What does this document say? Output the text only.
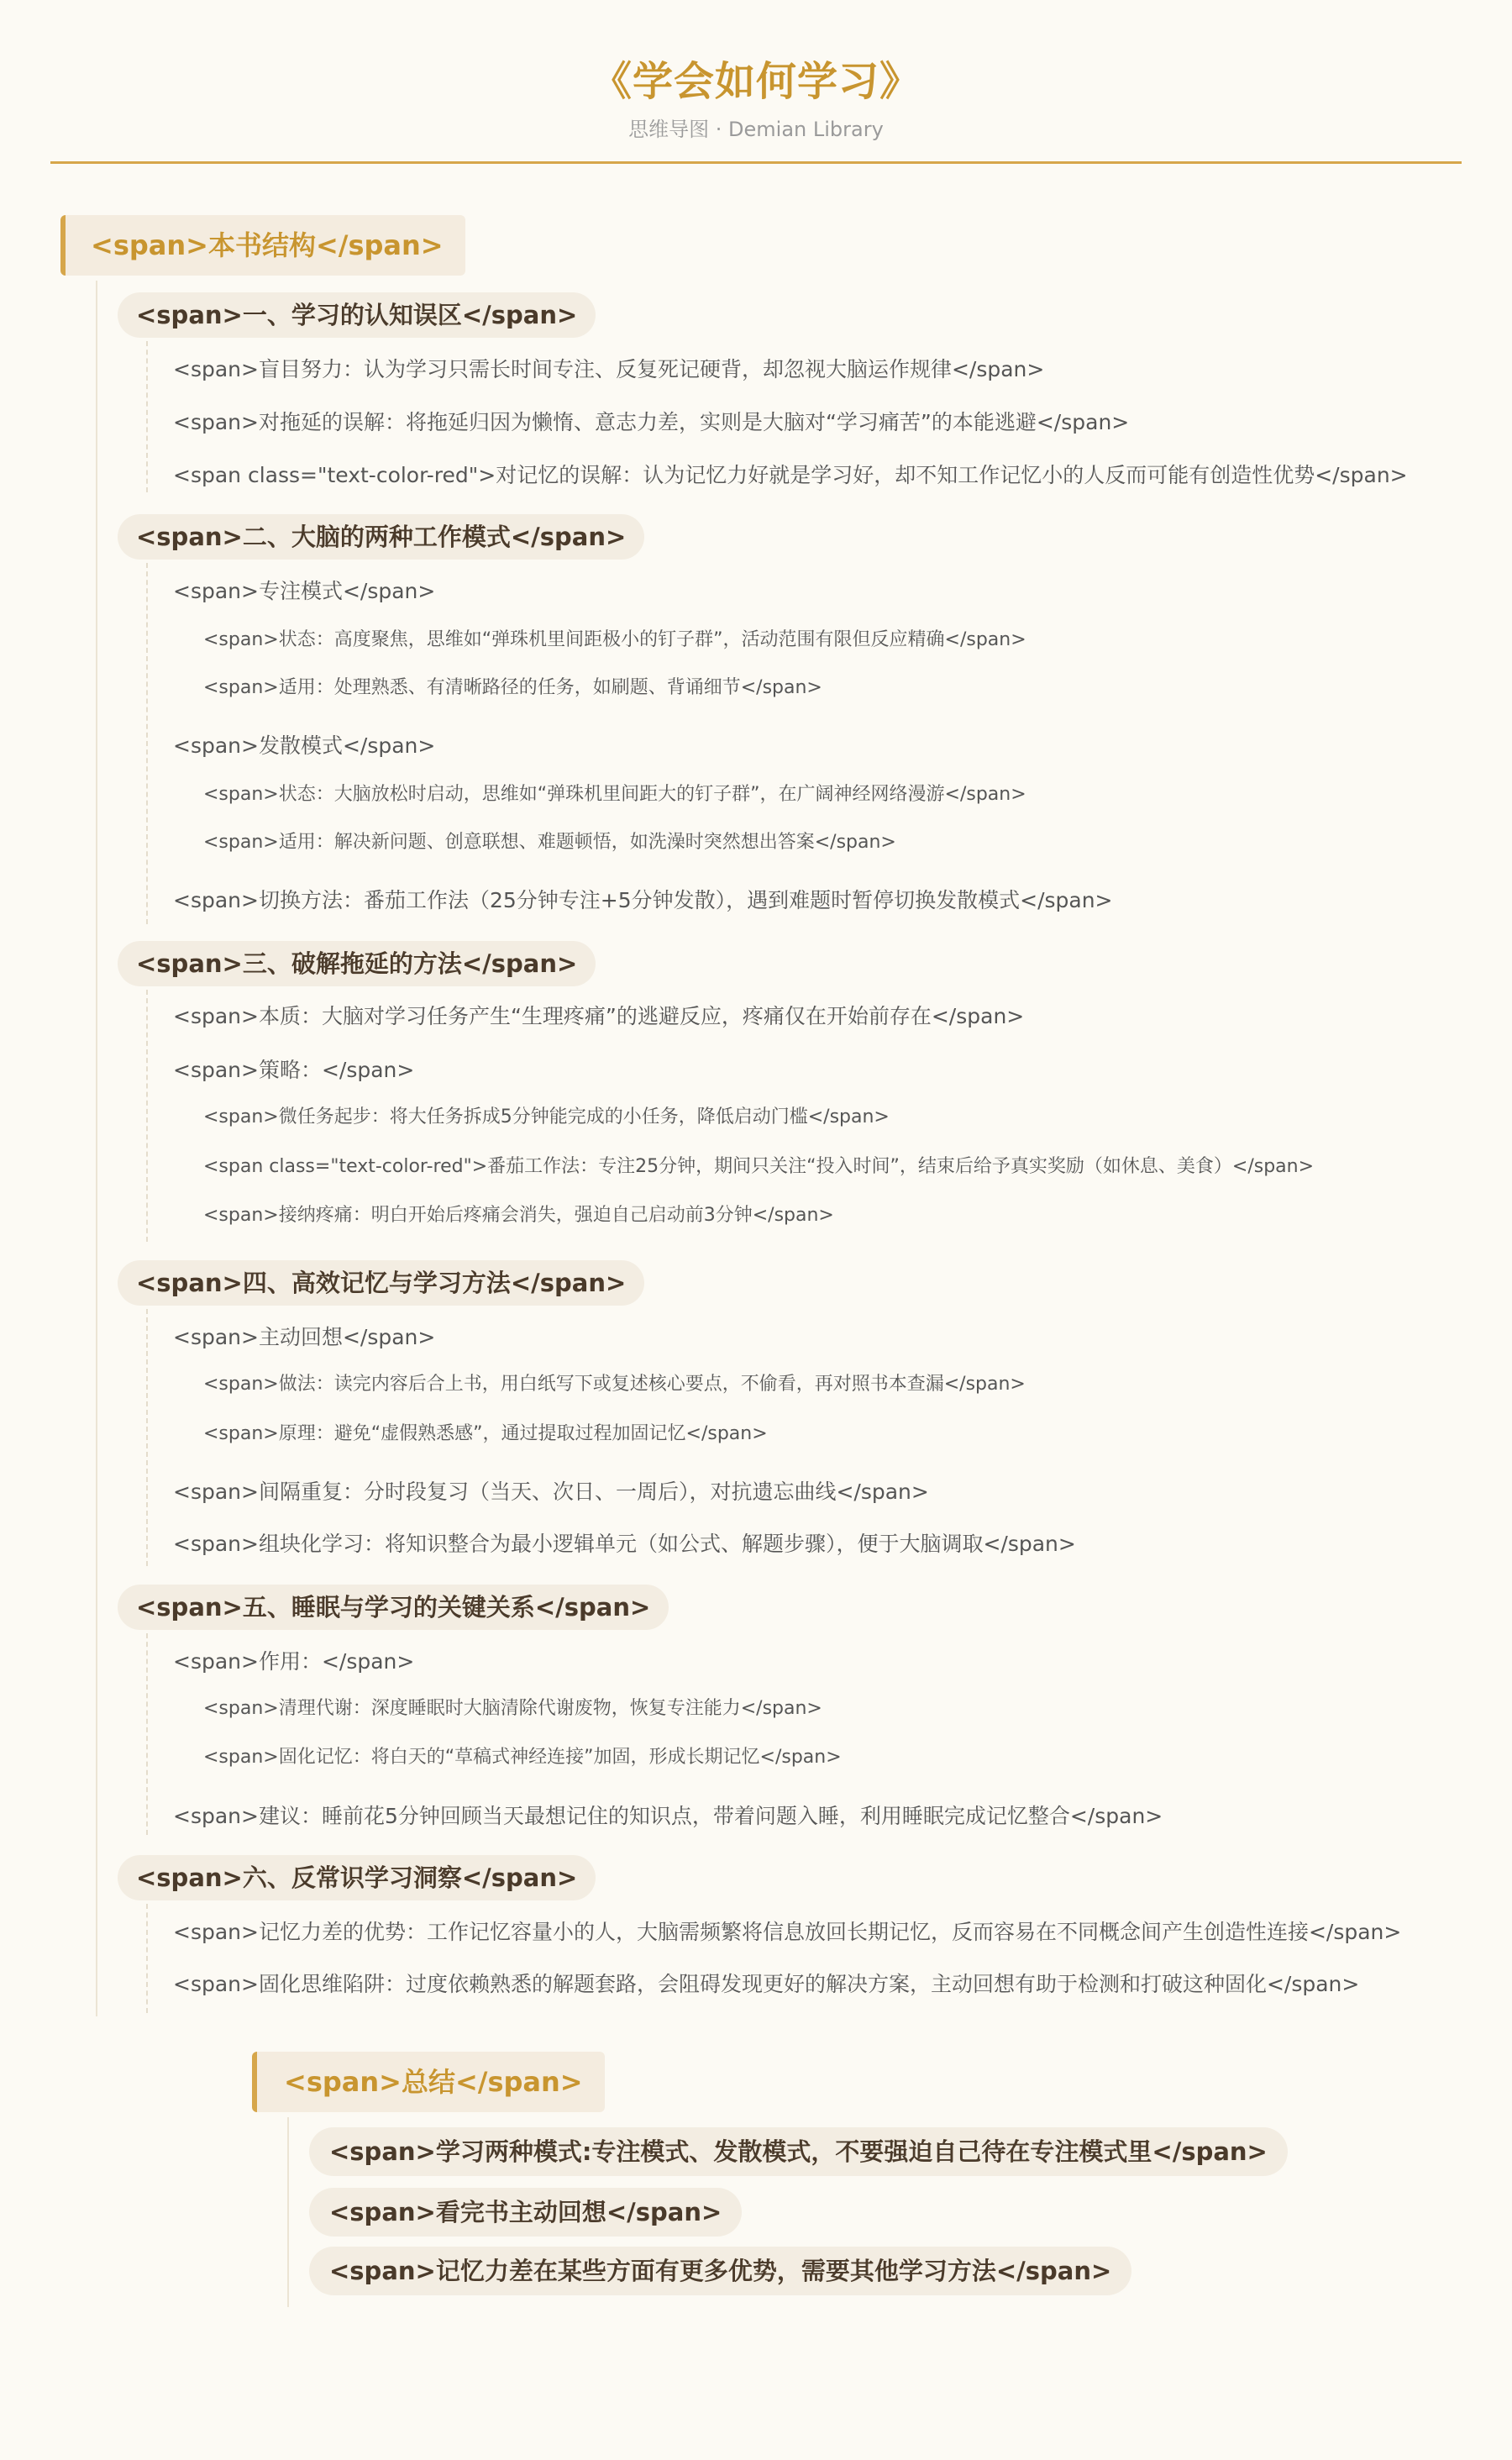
《学会如何学习》
思维导图 · Demian Library
<span>本书结构</span>
<span>一、学习的认知误区</span>
<span>盲目努力：认为学习只需长时间专注、反复死记硬背，却忽视大脑运作规律</span>
<span>对拖延的误解：将拖延归因为懒惰、意志力差，实则是大脑对“学习痛苦”的本能逃避</span>
<span class="text-color-red">对记忆的误解：认为记忆力好就是学习好，却不知工作记忆小的人反而可能有创造性优势</span>
<span>二、大脑的两种工作模式</span>
<span>专注模式</span>
<span>状态：高度聚焦，思维如“弹珠机里间距极小的钉子群”，活动范围有限但反应精确</span>
<span>适用：处理熟悉、有清晰路径的任务，如刷题、背诵细节</span>
<span>发散模式</span>
<span>状态：大脑放松时启动，思维如“弹珠机里间距大的钉子群”，在广阔神经网络漫游</span>
<span>适用：解决新问题、创意联想、难题顿悟，如洗澡时突然想出答案</span>
<span>切换方法：番茄工作法（25分钟专注+5分钟发散），遇到难题时暂停切换发散模式</span>
<span>三、破解拖延的方法</span>
<span>本质：大脑对学习任务产生“生理疼痛”的逃避反应，疼痛仅在开始前存在</span>
<span>策略：</span>
<span>微任务起步：将大任务拆成5分钟能完成的小任务，降低启动门槛</span>
<span class="text-color-red">番茄工作法：专注25分钟，期间只关注“投入时间”，结束后给予真实奖励（如休息、美食）</span>
<span>接纳疼痛：明白开始后疼痛会消失，强迫自己启动前3分钟</span>
<span>四、高效记忆与学习方法</span>
<span>主动回想</span>
<span>做法：读完内容后合上书，用白纸写下或复述核心要点，不偷看，再对照书本查漏</span>
<span>原理：避免“虚假熟悉感”，通过提取过程加固记忆</span>
<span>间隔重复：分时段复习（当天、次日、一周后），对抗遗忘曲线</span>
<span>组块化学习：将知识整合为最小逻辑单元（如公式、解题步骤），便于大脑调取</span>
<span>五、睡眠与学习的关键关系</span>
<span>作用：</span>
<span>清理代谢：深度睡眠时大脑清除代谢废物，恢复专注能力</span>
<span>固化记忆：将白天的“草稿式神经连接”加固，形成长期记忆</span>
<span>建议：睡前花5分钟回顾当天最想记住的知识点，带着问题入睡，利用睡眠完成记忆整合</span>
<span>六、反常识学习洞察</span>
<span>记忆力差的优势：工作记忆容量小的人，大脑需频繁将信息放回长期记忆，反而容易在不同概念间产生创造性连接</span>
<span>固化思维陷阱：过度依赖熟悉的解题套路，会阻碍发现更好的解决方案，主动回想有助于检测和打破这种固化</span>
<span>总结</span>
<span>学习两种模式:专注模式、发散模式，不要强迫自己待在专注模式里</span>
<span>看完书主动回想</span>
<span>记忆力差在某些方面有更多优势，需要其他学习方法</span>
